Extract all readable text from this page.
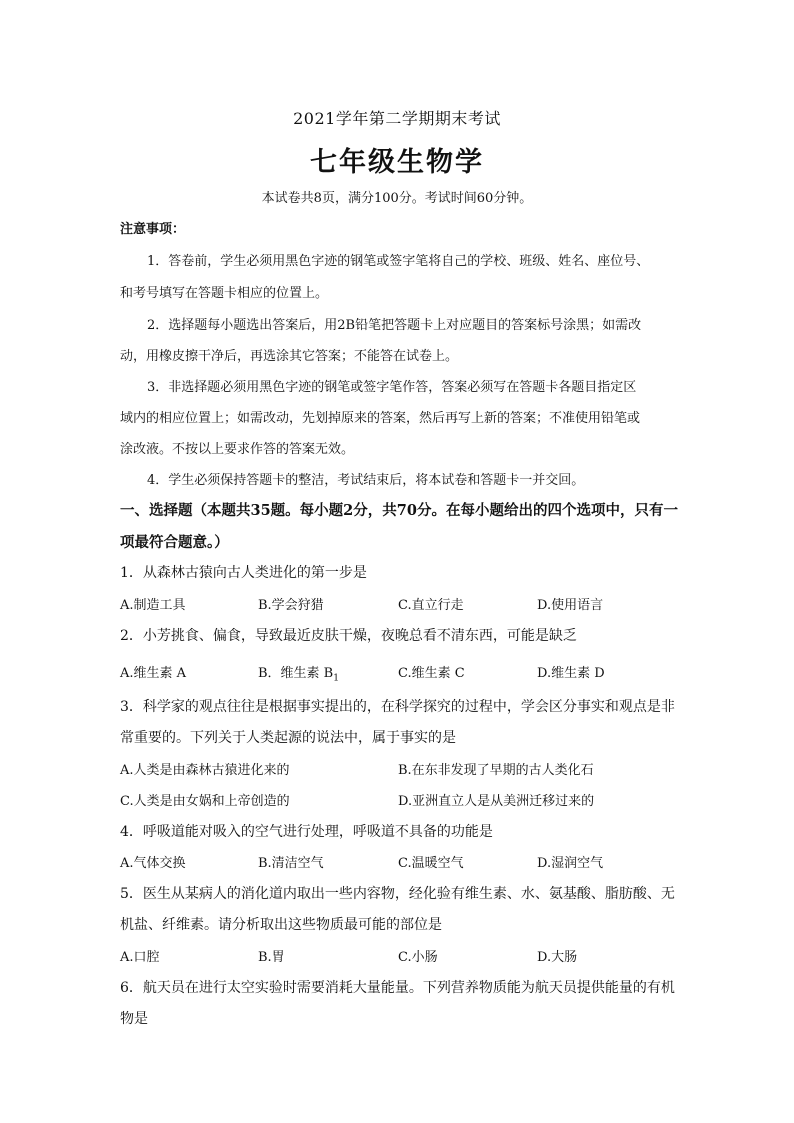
2021学年第二学期期末考试
七年级生物学
本试卷共8页，满分100分。考试时间60分钟。
注意事项：
1．答卷前，学生必须用黑色字迹的钢笔或签字笔将自己的学校、班级、姓名、座位号、
和考号填写在答题卡相应的位置上。
2．选择题每小题选出答案后，用2B铅笔把答题卡上对应题目的答案标号涂黑；如需改
动，用橡皮擦干净后，再选涂其它答案；不能答在试卷上。
3．非选择题必须用黑色字迹的钢笔或签字笔作答，答案必须写在答题卡各题目指定区
域内的相应位置上；如需改动，先划掉原来的答案，然后再写上新的答案；不准使用铅笔或
涂改液。不按以上要求作答的答案无效。
4．学生必须保持答题卡的整洁，考试结束后，将本试卷和答题卡一并交回。
一、选择题（本题共35题。每小题2分，共70分。在每小题给出的四个选项中，只有一
项最符合题意。）
1．从森林古猿向古人类进化的第一步是
A.制造工具	B.学会狩猎	C.直立行走	D.使用语言
2．小芳挑食、偏食，导致最近皮肤干燥，夜晚总看不清东西，可能是缺乏
A.维生素 A	B．维生素 $B_1$	C.维生素 C	D.维生素 D
3．科学家的观点往往是根据事实提出的，在科学探究的过程中，学会区分事实和观点是非
常重要的。下列关于人类起源的说法中，属于事实的是
A.人类是由森林古猿进化来的	B.在东非发现了早期的古人类化石
C.人类是由女娲和上帝创造的	D.亚洲直立人是从美洲迁移过来的
4．呼吸道能对吸入的空气进行处理，呼吸道不具备的功能是
A.气体交换	B.清洁空气	C.温暖空气	D.湿润空气
5．医生从某病人的消化道内取出一些内容物，经化验有维生素、水、氨基酸、脂肪酸、无
机盐、纤维素。请分析取出这些物质最可能的部位是
A.口腔	B.胃	C.小肠	D.大肠
6．航天员在进行太空实验时需要消耗大量能量。下列营养物质能为航天员提供能量的有机
物是
